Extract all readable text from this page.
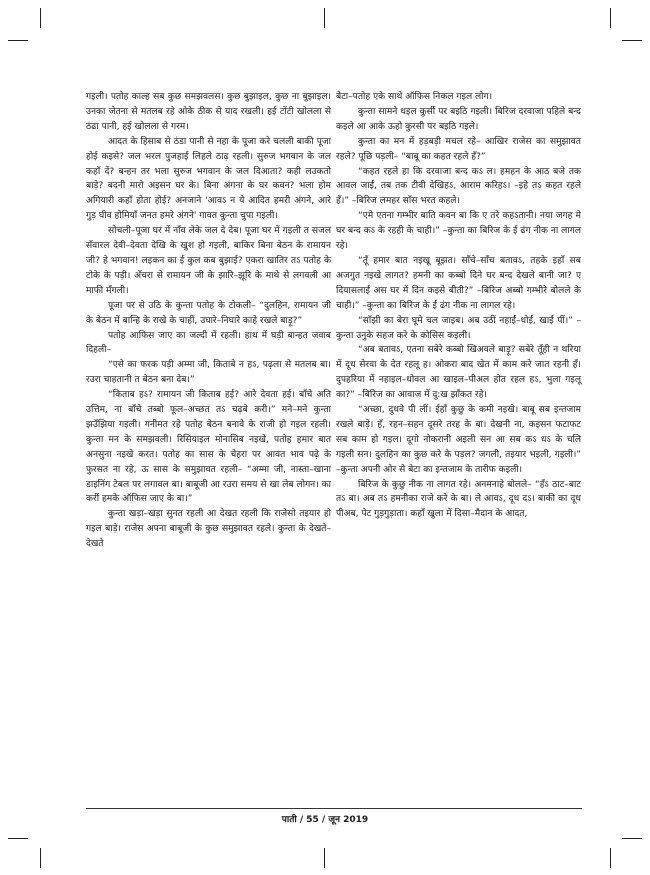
गइली। पतोह काल्ह सब कुछ समझवलस। कुछ बुझाइल, कुछ ना बुझाइल। उनका जेतना से मतलब रहे ओके ठीक से याद रखली। हई टोंटी खोलला से ठंढा पानी, हई खोलला से गरम।

आदत के हिसाब से ठंडा पानी से नहा के पूजा करे चलली बाकी पूजा होई कइसे? जल भरल पुजहाई लिहले ठाढ़ रहली। सुरुज भगवान के जल कहाँ दें? बन्हन तर भला सुरुज भगवान के जल दिआता? कही लउकतो बाड़े? बदनी मारो अइसन घर के। बिना अंगना के घर कवन? भला होम अगियारी कहाँ होता होई? अनजाने 'आवऽ न ये आदित हमरी अंगने, आरे गुड़ घीव होमियाँ जनत हमरे अंगने' गावत कुन्ता चुपा गइली।

सोचली–पूजा घर में नाँव लेके जल दे देब। पूजा घर में गइली त सजल सँवारल देवी–देवता देखि के खुश हो गइली, बाकिर बिना बेठन के रामायन जी? हे भगवान! लइकन का ई कुल कब बुझाई? एकरा खातिर तऽ पतोह के टोके के पड़ी। अँचरा से रामायन जी के झारि–झूरि के माथे से लगवली आ माफी मँगली।

पूजा पर से उठि के कुन्ता पतोह के टोकली– “दुलहिन, रामायन जी के बेठन में बान्हि के राखे के चाहीं, उघारे–निघारे काहे रखले बाड़ू?”

पतोह आफिस जाए का जल्दी में रहली। हाथ में घड़ी बान्हत जवाब दिहली–

“एसे का फरक पड़ी अम्मा जी, किताबे न हऽ, पढ़ला से मतलब बा। रउरा चाहतानी त बेठन बना देब।”

“किताब हऽ? रामायन जी किताब हई? आरे देवता हई। बाँचे अति उत्तिम, ना बाँचे तब्बो फूल–अच्छत तऽ चढ़बे करी।” मने–मने कुन्ता झउँझिया गइली। गनीमत रहे पतोह बेठन बनावे के राजी हो गइल रहली। कुन्ता मन के समझवली। रिसियाइल मोनासिब नइखे, पतोह हमार बात अनसुना नइखे करत। पतोह का सास के चेहरा पर आवत भाव पढ़े के फुरसत ना रहे, ऊ सास के समुझावत रहली– “अम्मा जी, नास्ता–खाना डाइनिंग टेबल पर लगावल बा। बाबूजी आ रउरा समय से खा लेब लोगन। का करीं हमके ऑफिस जाए के बा।”

कुन्ता खड़ा–खड़ा सुनत रहली आ देखत रहली कि राजेसो तइयार हो गइल बाड़े। राजेस अपना बाबूजी के कुछ समुझावत रहले। कुन्ता के देखते–देखते

बेटा–पतोह एके साथे ऑफिस निकल गइल लोग।

कुन्ता सामने धइल कुर्सी पर बइठि गइली। बिरिज दरवाजा पहिले बन्द कइले आ आके ऊहो कुरसी पर बइठि गइले।

कुन्ता का मन में हड़बड़ी मचल रहे– आखिर राजेस का समुझावत रहले? पूछि पड़ली– “बाबू का कहत रहले हँ?”

“कहत रहले हा कि दरवाजा बन्द कऽ ल। हमहन के आठ बजे तक आवल जाई, तब तक टीवी देखिहऽ, आराम करिहऽ। –इहे तऽ कहत रहले हँ।” –बिरिज लमहर साँस भरत कहले।

“एमे एतना गम्भीर बाति कवन बा कि ए तरे कहऽतानी। नया जगह मे घर बन्द कऽ के रहही के चाही।” –कुन्ता का बिरिज के ई ढंग नीक ना लागल रहे।

“तूँ हमार बात नइखू बूझत। साँचे–साँच बतावऽ, तहके इहाँ सब अजगुत नइखे लागत? हमनी का कब्बो दिने घर बन्द देखले बानी जा? ए दियासलाई अस घर में दिन कइसे बीती?” –बिरिज अब्बो गम्भीरे बोलले के चाही।” –कुन्ता का बिरिज के ई ढंग नीक ना लागल रहे।

“साँझी का बेरा घूमे चल जाइब। अब उठीं नहाईं–धोईं, खाईं पीं।” –कुन्ता उनुके सहज करे के कोसिस कइली।

“अब बतावऽ, एतना सबेरे कब्बो खिअवले बाड़ू? सबेरे तूँही न थरिया में दूध सेरवा के देत रहलू ह। ओकरा बाद खेत में काम करे जात रहनी हँ। दुपहरिया में नहाइल–धोवल आ खाइल–पीअल होत रहल हऽ, भुला गइलू का?” –बिरिज का आवाज में दु:ख झाँकत रहे।

“अच्छा, दुधवे पी लीं। ईहाँ कुछु के कमी नइखे। बाबू सब इन्तजाम रखले बाड़े। हँ, रहन–सहन दूसरे तरह के बा। देखनी ना, कइसन फटाफट सब काम हो गइल। दूगो नोकरानी अइली सन आ सब कऽ धऽ के चलि गइली सन। दुलहिन का कुछ करे के पड़ल? जगली, तइयार भइली, गइली।” –कुन्ता अपनी ओर से बेटा का इन्तजाम के तारीफ कइली।

बिरिज के कुछु नीक ना लागत रहे। अनमनाहे बोलले– “हँऽ ठाट–बाट तऽ बा। अब तऽ हमनीका राजे करे के बा। ले आवऽ, दूध दऽ। बाकी का दूध पीअब, पेट गुड़गुड़ाता। कहाँ खुला में दिसा–मैदान के आदत,

पाती / 55 / जून 2019
